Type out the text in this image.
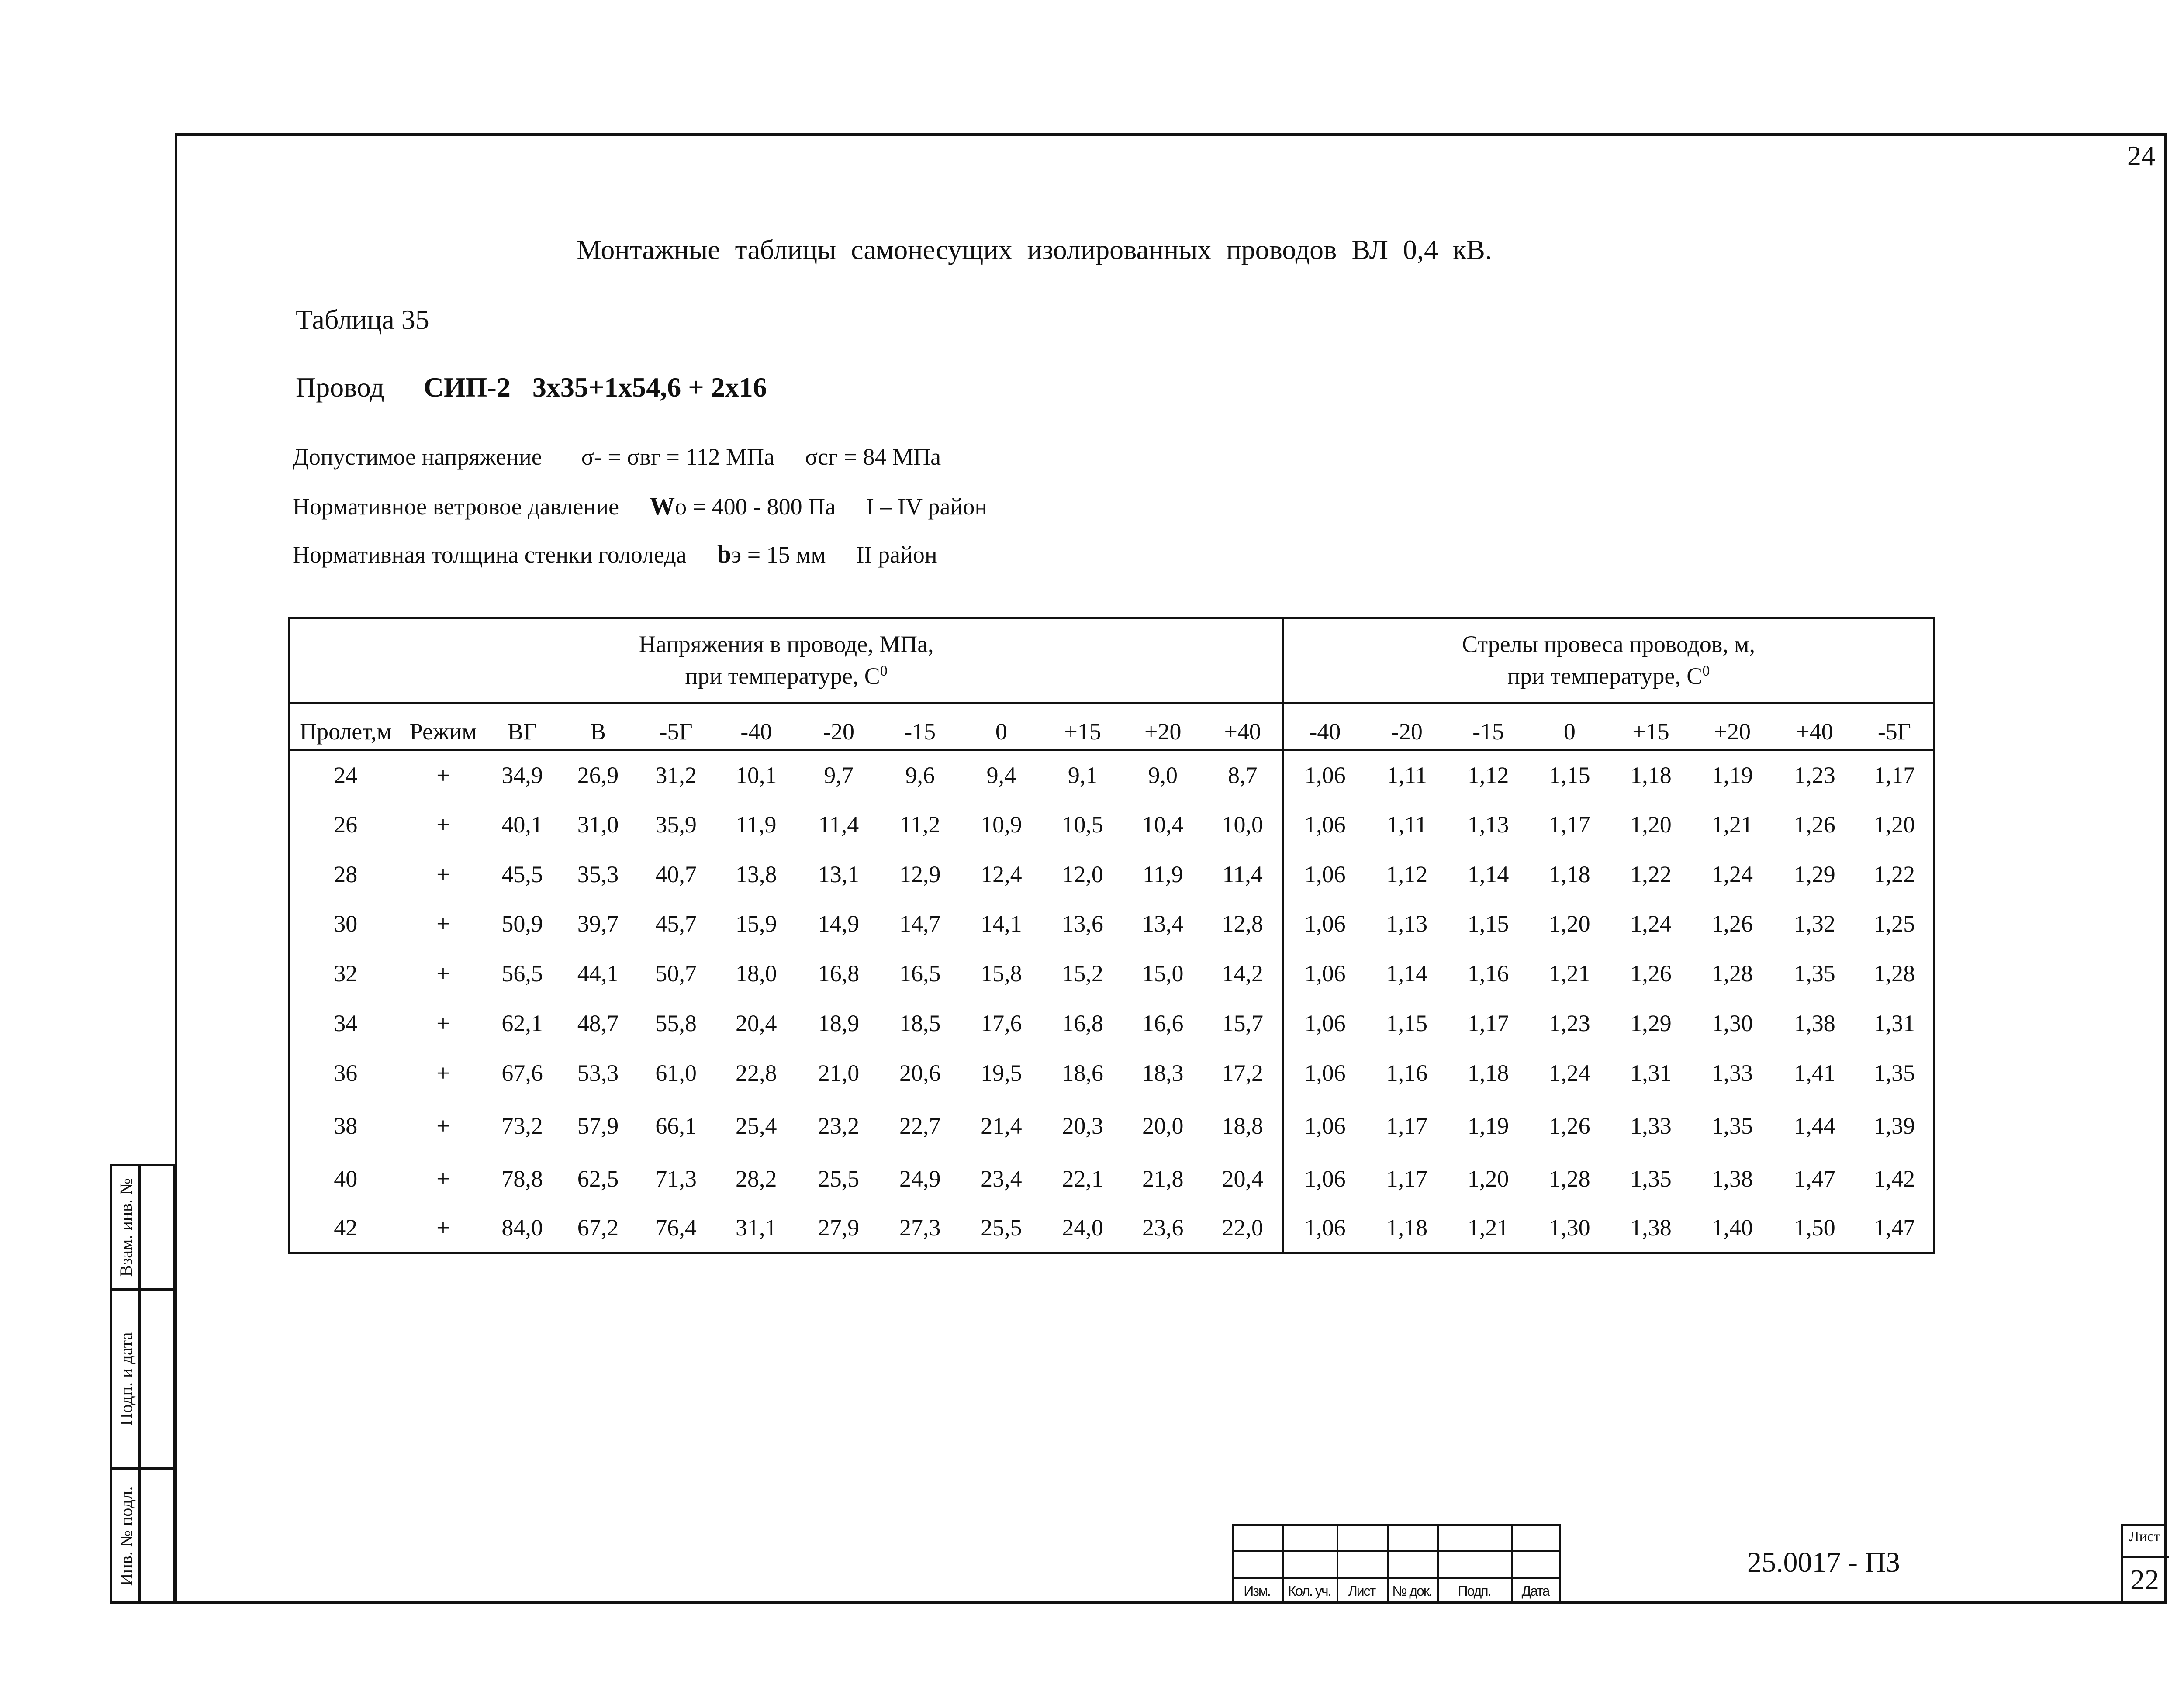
24
Монтажные таблицы самонесущих изолированных проводов ВЛ 0,4 кВ.
Таблица 35
Провод СИП-2 3х35+1х54,6 + 2х16
Допустимое напряжение σ- = σвг = 112 МПа σсг = 84 МПа
Нормативное ветровое давление Wo = 400 - 800 Па I – IV район
Нормативная толщина стенки гололеда bэ = 15 мм II район
Напряжения в проводе, МПа,
при температуре, $С^0$												Стрелы провеса проводов, м,
при температуре, $С^0$
Пролет,м	Режим	ВГ	В	-5Г	-40	-20	-15	0	+15	+20	+40	-40	-20	-15	0	+15	+20	+40	-5Г
24	+	34,9	26,9	31,2	10,1	9,7	9,6	9,4	9,1	9,0	8,7	1,06	1,11	1,12	1,15	1,18	1,19	1,23	1,17
26	+	40,1	31,0	35,9	11,9	11,4	11,2	10,9	10,5	10,4	10,0	1,06	1,11	1,13	1,17	1,20	1,21	1,26	1,20
28	+	45,5	35,3	40,7	13,8	13,1	12,9	12,4	12,0	11,9	11,4	1,06	1,12	1,14	1,18	1,22	1,24	1,29	1,22
30	+	50,9	39,7	45,7	15,9	14,9	14,7	14,1	13,6	13,4	12,8	1,06	1,13	1,15	1,20	1,24	1,26	1,32	1,25
32	+	56,5	44,1	50,7	18,0	16,8	16,5	15,8	15,2	15,0	14,2	1,06	1,14	1,16	1,21	1,26	1,28	1,35	1,28
34	+	62,1	48,7	55,8	20,4	18,9	18,5	17,6	16,8	16,6	15,7	1,06	1,15	1,17	1,23	1,29	1,30	1,38	1,31
36	+	67,6	53,3	61,0	22,8	21,0	20,6	19,5	18,6	18,3	17,2	1,06	1,16	1,18	1,24	1,31	1,33	1,41	1,35
38	+	73,2	57,9	66,1	25,4	23,2	22,7	21,4	20,3	20,0	18,8	1,06	1,17	1,19	1,26	1,33	1,35	1,44	1,39
40	+	78,8	62,5	71,3	28,2	25,5	24,9	23,4	22,1	21,8	20,4	1,06	1,17	1,20	1,28	1,35	1,38	1,47	1,42
42	+	84,0	67,2	76,4	31,1	27,9	27,3	25,5	24,0	23,6	22,0	1,06	1,18	1,21	1,30	1,38	1,40	1,50	1,47
Взам. инв. №
Подп. и дата
Инв. № подл.
Изм.	Кол. уч.	Лист	№ док.	Подп.	Дата
25.0017 - ПЗ
Лист
22
